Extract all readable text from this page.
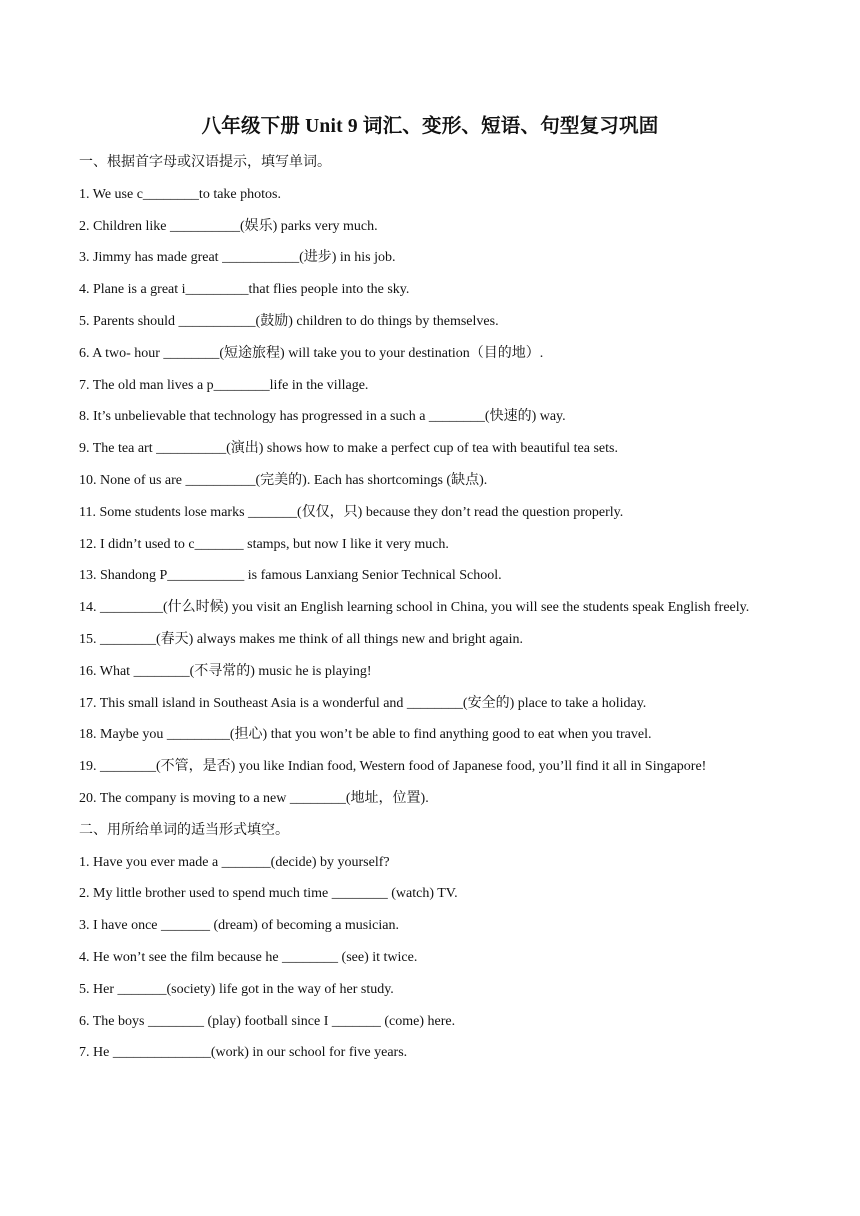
八年级下册 Unit 9 词汇、变形、短语、句型复习巩固
一、根据首字母或汉语提示，填写单词。
1. We use c________to take photos.
2. Children like __________(娱乐) parks very much.
3. Jimmy has made great ___________(进步) in his job.
4. Plane is a great i_________that flies people into the sky.
5. Parents should ___________(鼓励) children to do things by themselves.
6. A two- hour ________(短途旅程) will take you to your destination（目的地）.
7. The old man lives a p________life in the village.
8. It’s unbelievable that technology has progressed in a such a ________(快速的) way.
9. The tea art __________(演出) shows how to make a perfect cup of tea with beautiful tea sets.
10. None of us are __________(完美的). Each has shortcomings (缺点).
11. Some students lose marks _______(仅仅，只) because they don’t read the question properly.
12. I didn’t used to c_______ stamps, but now I like it very much.
13. Shandong P___________ is famous Lanxiang Senior Technical School.
14. _________(什么时候) you visit an English learning school in China, you will see the students speak English freely.
15. ________(春天) always makes me think of all things new and bright again.
16. What ________(不寻常的) music he is playing!
17. This small island in Southeast Asia is a wonderful and ________(安全的) place to take a holiday.
18. Maybe you _________(担心) that you won’t be able to find anything good to eat when you travel.
19. ________(不管，是否) you like Indian food, Western food of Japanese food, you’ll find it all in Singapore!
20. The company is moving to a new ________(地址，位置).
二、用所给单词的适当形式填空。
1. Have you ever made a _______(decide) by yourself?
2. My little brother used to spend much time ________ (watch) TV.
3. I have once _______ (dream) of becoming a musician.
4. He won’t see the film because he ________ (see) it twice.
5. Her _______(society) life got in the way of her study.
6. The boys ________ (play) football since I _______ (come) here.
7. He ______________(work) in our school for five years.
